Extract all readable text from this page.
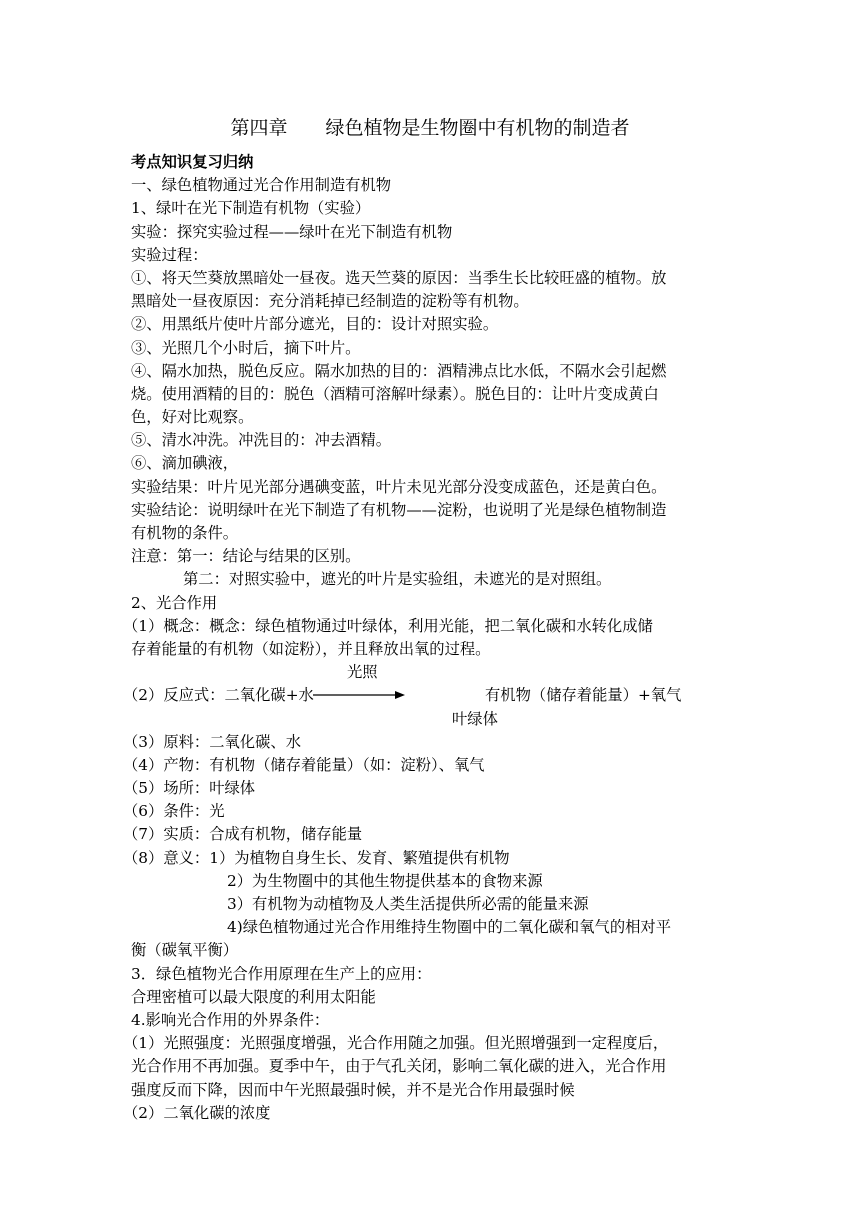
第四章　　绿色植物是生物圈中有机物的制造者
考点知识复习归纳
一、绿色植物通过光合作用制造有机物
1、绿叶在光下制造有机物（实验）
实验：探究实验过程——绿叶在光下制造有机物
实验过程：
①、将天竺葵放黑暗处一昼夜。选天竺葵的原因：当季生长比较旺盛的植物。放
黑暗处一昼夜原因：充分消耗掉已经制造的淀粉等有机物。
②、用黑纸片使叶片部分遮光，目的：设计对照实验。
③、光照几个小时后，摘下叶片。
④、隔水加热，脱色反应。隔水加热的目的：酒精沸点比水低，不隔水会引起燃
烧。使用酒精的目的：脱色（酒精可溶解叶绿素）。脱色目的：让叶片变成黄白
色，好对比观察。
⑤、清水冲洗。冲洗目的：冲去酒精。
⑥、滴加碘液，
实验结果：叶片见光部分遇碘变蓝，叶片未见光部分没变成蓝色，还是黄白色。
实验结论：说明绿叶在光下制造了有机物——淀粉，也说明了光是绿色植物制造
有机物的条件。
注意：第一：结论与结果的区别。
第二：对照实验中，遮光的叶片是实验组，未遮光的是对照组。
2、光合作用
（1）概念：概念：绿色植物通过叶绿体，利用光能，把二氧化碳和水转化成储
存着能量的有机物（如淀粉），并且释放出氧的过程。
光照
（2）反应式：二氧化碳+水	有机物（储存着能量）+氧气
叶绿体
（3）原料：二氧化碳、水
（4）产物：有机物（储存着能量）（如：淀粉）、氧气
（5）场所：叶绿体
（6）条件：光
（7）实质：合成有机物，储存能量
（8）意义：1）为植物自身生长、发育、繁殖提供有机物
2）为生物圈中的其他生物提供基本的食物来源
3）有机物为动植物及人类生活提供所必需的能量来源
4)绿色植物通过光合作用维持生物圈中的二氧化碳和氧气的相对平
衡（碳氧平衡）
3．绿色植物光合作用原理在生产上的应用：
合理密植可以最大限度的利用太阳能
4.影响光合作用的外界条件：
（1）光照强度：光照强度增强，光合作用随之加强。但光照增强到一定程度后，
光合作用不再加强。夏季中午，由于气孔关闭，影响二氧化碳的进入，光合作用
强度反而下降，因而中午光照最强时候，并不是光合作用最强时候
（2）二氧化碳的浓度
